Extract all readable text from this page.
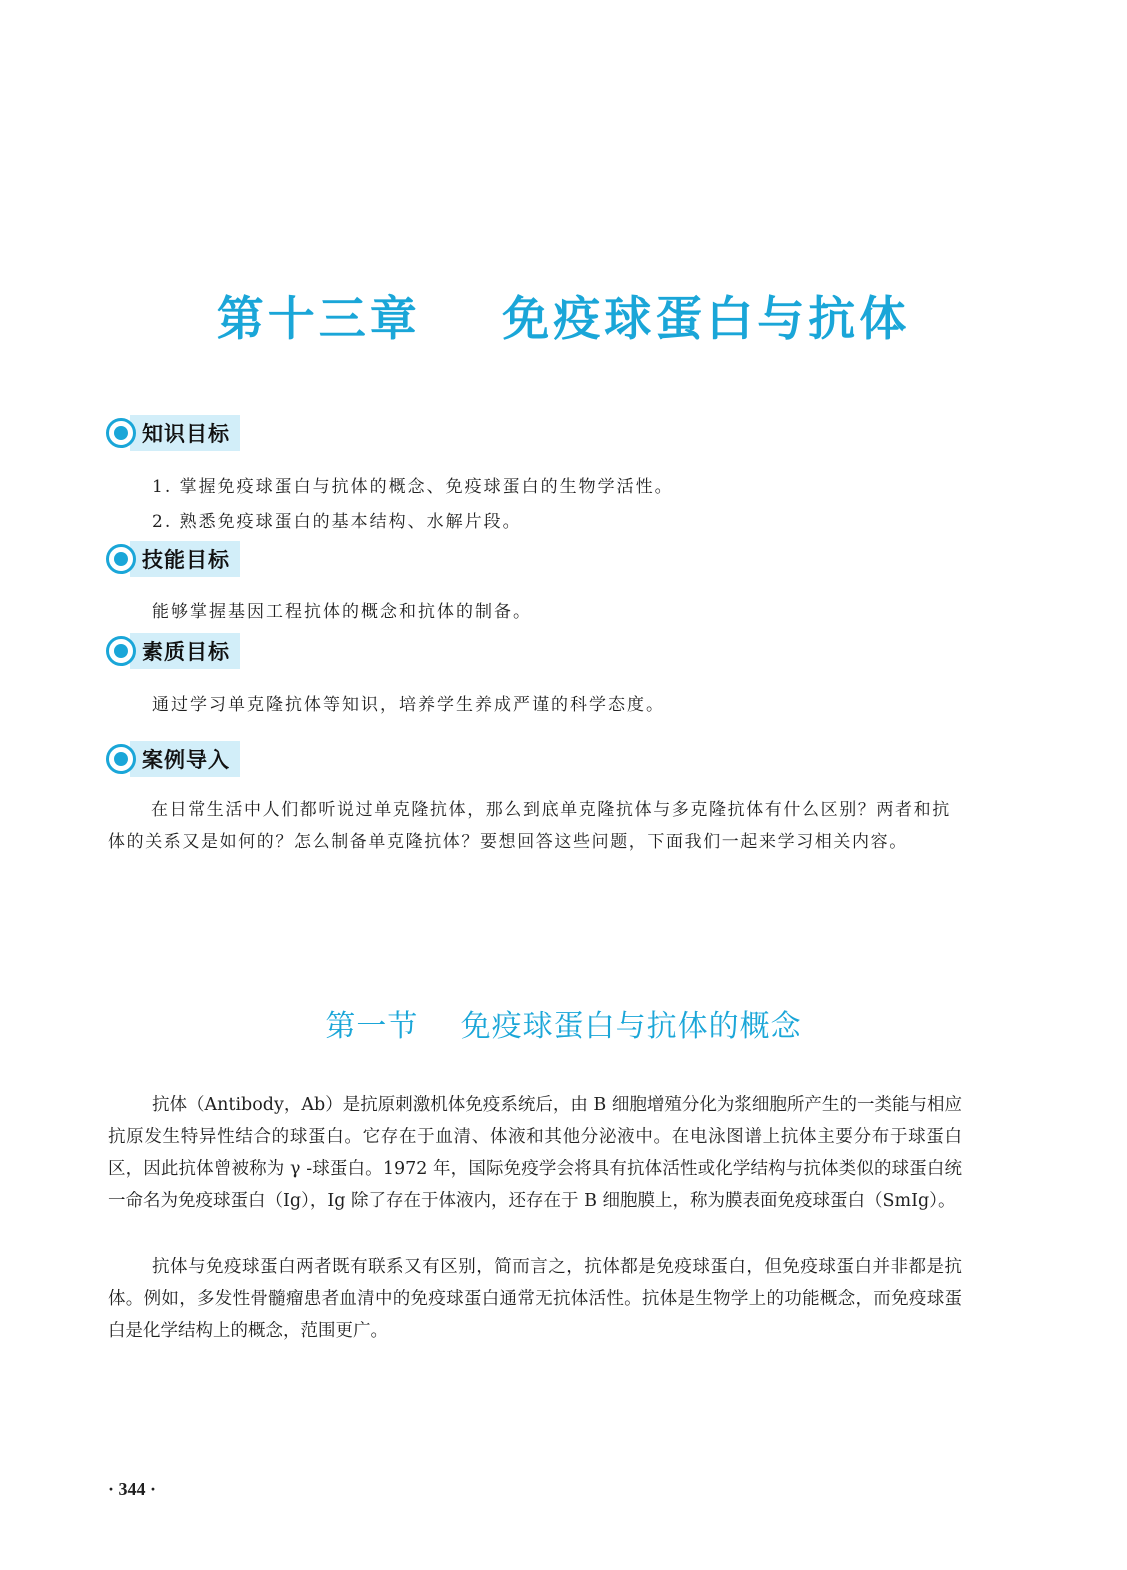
第十三章    免疫球蛋白与抗体
知识目标
1. 掌握免疫球蛋白与抗体的概念、免疫球蛋白的生物学活性。
2. 熟悉免疫球蛋白的基本结构、水解片段。
技能目标
能够掌握基因工程抗体的概念和抗体的制备。
素质目标
通过学习单克隆抗体等知识，培养学生养成严谨的科学态度。
案例导入

在日常生活中人们都听说过单克隆抗体，那么到底单克隆抗体与多克隆抗体有什么区别？两者和抗体的关系又是如何的？怎么制备单克隆抗体？要想回答这些问题，下面我们一起来学习相关内容。

第一节    免疫球蛋白与抗体的概念

抗体（Antibody，Ab）是抗原刺激机体免疫系统后，由 B 细胞增殖分化为浆细胞所产生的一类能与相应抗原发生特异性结合的球蛋白。它存在于血清、体液和其他分泌液中。在电泳图谱上抗体主要分布于球蛋白区，因此抗体曾被称为 γ -球蛋白。1972 年，国际免疫学会将具有抗体活性或化学结构与抗体类似的球蛋白统一命名为免疫球蛋白（Ig），Ig 除了存在于体液内，还存在于 B 细胞膜上，称为膜表面免疫球蛋白（SmIg）。

抗体与免疫球蛋白两者既有联系又有区别，简而言之，抗体都是免疫球蛋白，但免疫球蛋白并非都是抗体。例如，多发性骨髓瘤患者血清中的免疫球蛋白通常无抗体活性。抗体是生物学上的功能概念，而免疫球蛋白是化学结构上的概念，范围更广。

· 344 ·
